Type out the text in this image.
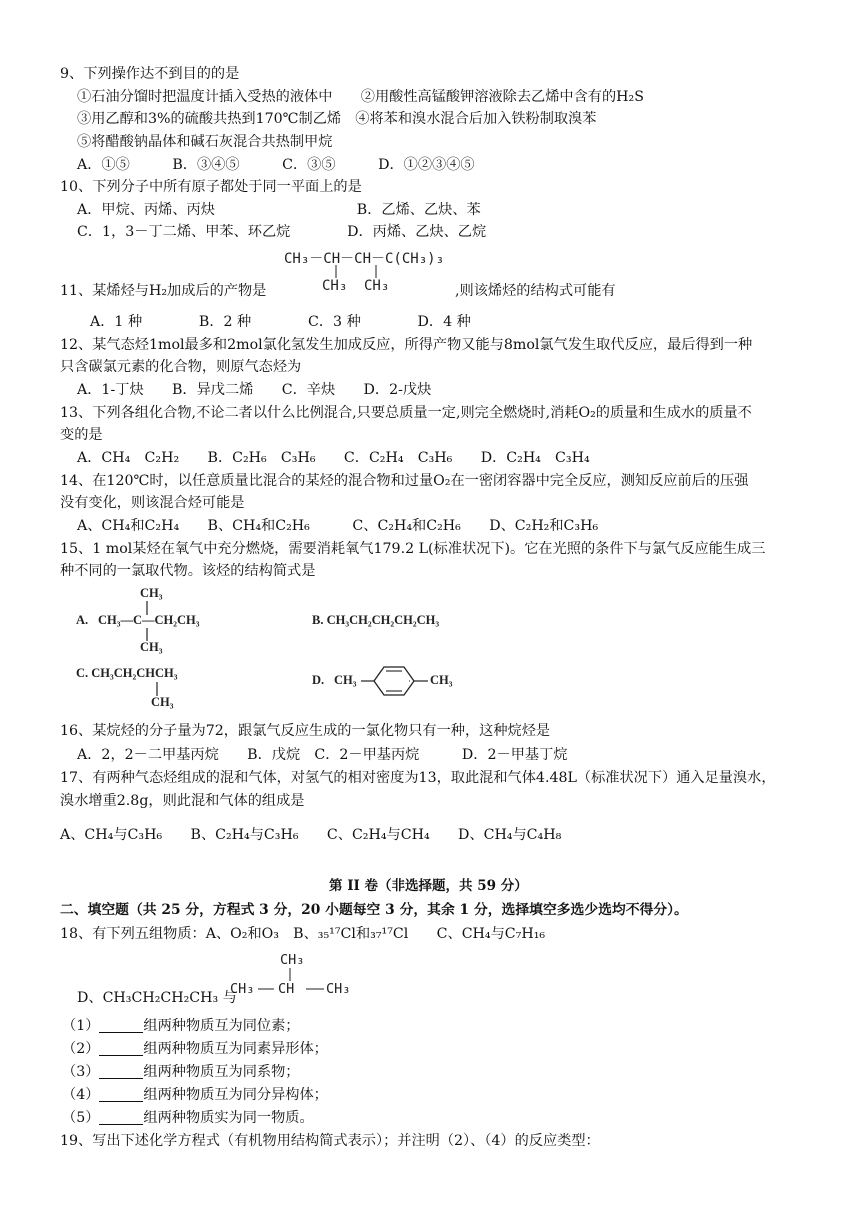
9、下列操作达不到目的的是
①石油分馏时把温度计插入受热的液体中　　②用酸性高锰酸钾溶液除去乙烯中含有的H₂S
③用乙醇和3%的硫酸共热到170℃制乙烯　④将苯和溴水混合后加入铁粉制取溴苯
⑤将醋酸钠晶体和碱石灰混合共热制甲烷
A．①⑤　　　B．③④⑤　　　C．③⑤　　　D．①②③④⑤
10、下列分子中所有原子都处于同一平面上的是
A．甲烷、丙烯、丙炔　　　　　　　　　　B．乙烯、乙炔、苯
C．1，3－丁二烯、甲苯、环乙烷　　　　D．丙烯、乙炔、乙烷
CH₃－CH－CH－C(CH₃)₃
CH₃ CH₃
11、某烯烃与H₂加成后的产物是	,则该烯烃的结构式可能有
A．1 种　　　　B．2 种　　　　C．3 种　　　　D．4 种
12、某气态烃1mol最多和2mol氯化氢发生加成反应，所得产物又能与8mol氯气发生取代反应，最后得到一种
只含碳氯元素的化合物，则原气态烃为
A．1-丁炔　　B．异戊二烯　　C．辛炔　　D．2-戊炔
13、下列各组化合物,不论二者以什么比例混合,只要总质量一定,则完全燃烧时,消耗O₂的质量和生成水的质量不
变的是
A．CH₄　C₂H₂　　B．C₂H₆　C₃H₆　　C．C₂H₄　C₃H₆　　D．C₂H₄　C₃H₄
14、在120℃时，以任意质量比混合的某烃的混合物和过量O₂在一密闭容器中完全反应，测知反应前后的压强
没有变化，则该混合烃可能是
A、CH₄和C₂H₄　　B、CH₄和C₂H₆　　　C、C₂H₄和C₂H₆　　D、C₂H₂和C₃H₆
15、1 mol某烃在氧气中充分燃烧，需要消耗氧气179.2 L(标准状况下)。它在光照的条件下与氯气反应能生成三
种不同的一氯取代物。该烃的结构简式是
A.
CH₃
CH₃—C—CH₂CH₃
CH₃
B. CH₃CH₂CH₂CH₂CH₃
C. CH₃CH₂CHCH₃
CH₃
D. CH₃	CH₃
16、某烷烃的分子量为72，跟氯气反应生成的一氯化物只有一种，这种烷烃是
A．2，2－二甲基丙烷　　B．戊烷　C．2－甲基丙烷　　　D．2－甲基丁烷
17、有两种气态烃组成的混和气体，对氢气的相对密度为13，取此混和气体4.48L（标准状况下）通入足量溴水，
溴水增重2.8g，则此混和气体的组成是
A、CH₄与C₃H₆　　B、C₂H₄与C₃H₆　　C、C₂H₄与CH₄　　D、CH₄与C₄H₈
第 II 卷（非选择题，共 59 分）
二、填空题（共 25 分，方程式 3 分，20 小题每空 3 分，其余 1 分，选择填空多选少选均不得分）。
18、有下列五组物质：A、O₂和O₃　B、₃₅¹⁷Cl和₃₇¹⁷Cl　　C、CH₄与C₇H₁₆
CH₃
CH₃ CH CH₃
D、CH₃CH₂CH₂CH₃ 与
（1）	组两种物质互为同位素；
（2）	组两种物质互为同素异形体；
（3）	组两种物质互为同系物；
（4）	组两种物质互为同分异构体；
（5）	组两种物质实为同一物质。
19、写出下述化学方程式（有机物用结构简式表示）；并注明（2）、（4）的反应类型：
